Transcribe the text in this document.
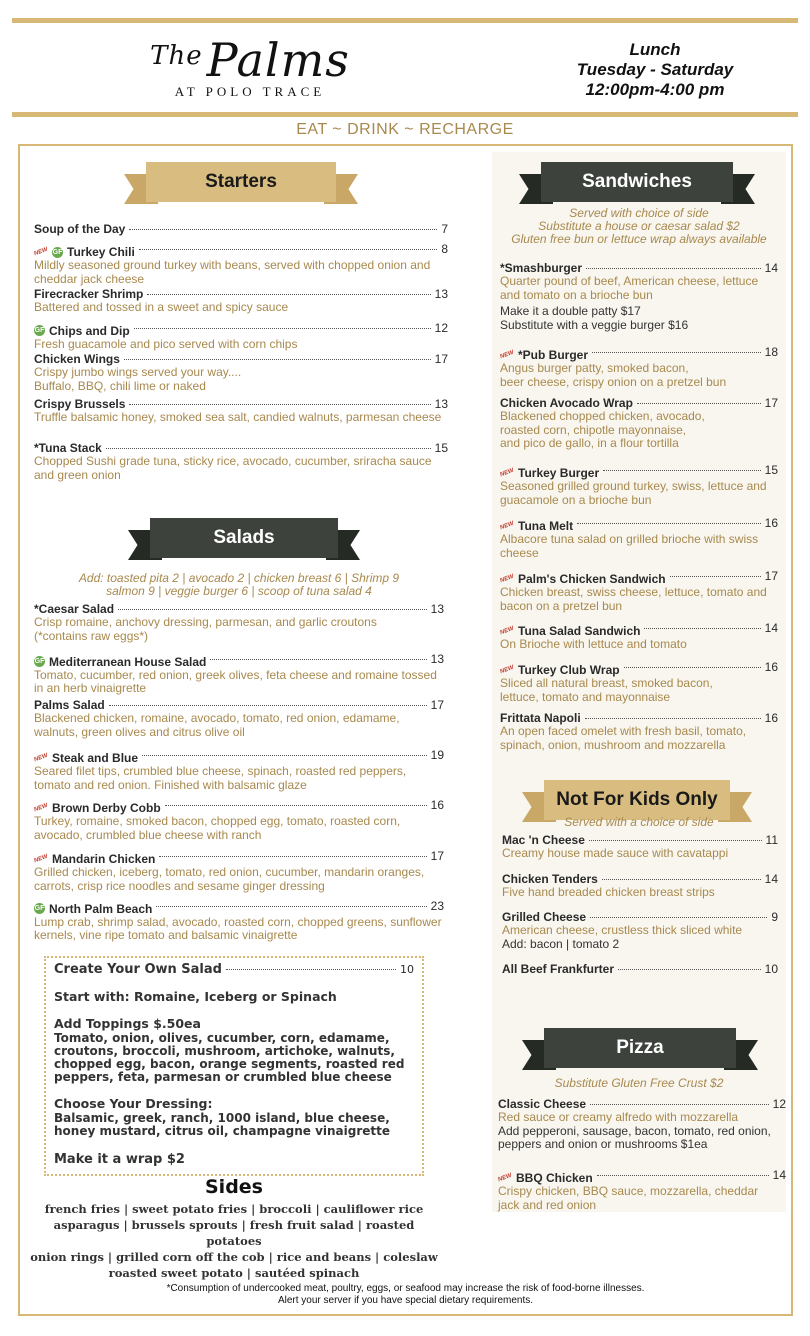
$^{The}$Palms
AT POLO TRACE
Lunch
Tuesday - Saturday
12:00pm-4:00 pm
EAT ~ DRINK ~ RECHARGE
Starters
Salads
Sandwiches
Not For Kids Only
Pizza
Add: toasted pita 2 | avocado 2 | chicken breast 6 | Shrimp 9
salmon 9 | veggie burger 6 | scoop of tuna salad 4
Served with choice of side
Substitute a house or caesar salad $2
Gluten free bun or lettuce wrap always available
Served with a choice of side
Substitute Gluten Free Crust $2
Soup of the Day	7
NEW GF Turkey Chili	8
Mildly seasoned ground turkey with beans, served with chopped onion and cheddar jack cheese
Firecracker Shrimp	13
Battered and tossed in a sweet and spicy sauce
GF Chips and Dip	12
Fresh guacamole and pico served with corn chips
Chicken Wings	17
Crispy jumbo wings served your way....
Buffalo, BBQ, chili lime or naked
Crispy Brussels	13
Truffle balsamic honey, smoked sea salt, candied walnuts, parmesan cheese
*Tuna Stack	15
Chopped Sushi grade tuna, sticky rice, avocado, cucumber, sriracha sauce and green onion
*Caesar Salad	13
Crisp romaine, anchovy dressing, parmesan, and garlic croutons
(*contains raw eggs*)
GF Mediterranean House Salad	13
Tomato, cucumber, red onion, greek olives, feta cheese and romaine tossed in an herb vinaigrette
Palms Salad	17
Blackened chicken, romaine, avocado, tomato, red onion, edamame, walnuts, green olives and citrus olive oil
NEW Steak and Blue	19
Seared filet tips, crumbled blue cheese, spinach, roasted red peppers, tomato and red onion. Finished with balsamic glaze
NEW Brown Derby Cobb	16
Turkey, romaine, smoked bacon, chopped egg, tomato, roasted corn, avocado, crumbled blue cheese with ranch
NEW Mandarin Chicken	17
Grilled chicken, iceberg, tomato, red onion, cucumber, mandarin oranges, carrots, crisp rice noodles and sesame ginger dressing
GF North Palm Beach	23
Lump crab, shrimp salad, avocado, roasted corn, chopped greens, sunflower kernels, vine ripe tomato and balsamic vinaigrette
*Smashburger	14
Quarter pound of beef, American cheese, lettuce and tomato on a brioche bun
Make it a double patty $17
Substitute with a veggie burger $16
NEW *Pub Burger	18
Angus burger patty, smoked bacon,
beer cheese, crispy onion on a pretzel bun
Chicken Avocado Wrap	17
Blackened chopped chicken, avocado,
roasted corn, chipotle mayonnaise,
and pico de gallo, in a flour tortilla
NEW Turkey Burger	15
Seasoned grilled ground turkey, swiss, lettuce and guacamole on a brioche bun
NEW Tuna Melt	16
Albacore tuna salad on grilled brioche with swiss cheese
NEW Palm's Chicken Sandwich	17
Chicken breast, swiss cheese, lettuce, tomato and bacon on a pretzel bun
NEW Tuna Salad Sandwich	14
On Brioche with lettuce and tomato
NEW Turkey Club Wrap	16
Sliced all natural breast, smoked bacon,
lettuce, tomato and mayonnaise
Frittata Napoli	16
An open faced omelet with fresh basil, tomato, spinach, onion, mushroom and mozzarella
Mac 'n Cheese	11
Creamy house made sauce with cavatappi
Chicken Tenders	14
Five hand breaded chicken breast strips
Grilled Cheese	9
American cheese, crustless thick sliced white
Add: bacon | tomato 2
All Beef Frankfurter	10
Classic Cheese	12
Red sauce or creamy alfredo with mozzarella
Add pepperoni, sausage, bacon, tomato, red onion, peppers and onion or mushrooms $1ea
NEW BBQ Chicken	14
Crispy chicken, BBQ sauce, mozzarella, cheddar jack and red onion
Create Your Own Salad	10
Start with: Romaine, Iceberg or Spinach
Add Toppings $.50ea
Tomato, onion, olives, cucumber, corn, edamame, croutons, broccoli, mushroom, artichoke, walnuts, chopped egg, bacon, orange segments, roasted red peppers, feta, parmesan or crumbled blue cheese
Choose Your Dressing:
Balsamic, greek, ranch, 1000 island, blue cheese, honey mustard, citrus oil, champagne vinaigrette
Make it a wrap $2
Sides
french fries | sweet potato fries | broccoli | cauliflower rice
asparagus | brussels sprouts | fresh fruit salad | roasted potatoes
onion rings | grilled corn off the cob | rice and beans | coleslaw
roasted sweet potato | sautéed spinach
*Consumption of undercooked meat, poultry, eggs, or seafood may increase the risk of food-borne illnesses.
Alert your server if you have special dietary requirements.
